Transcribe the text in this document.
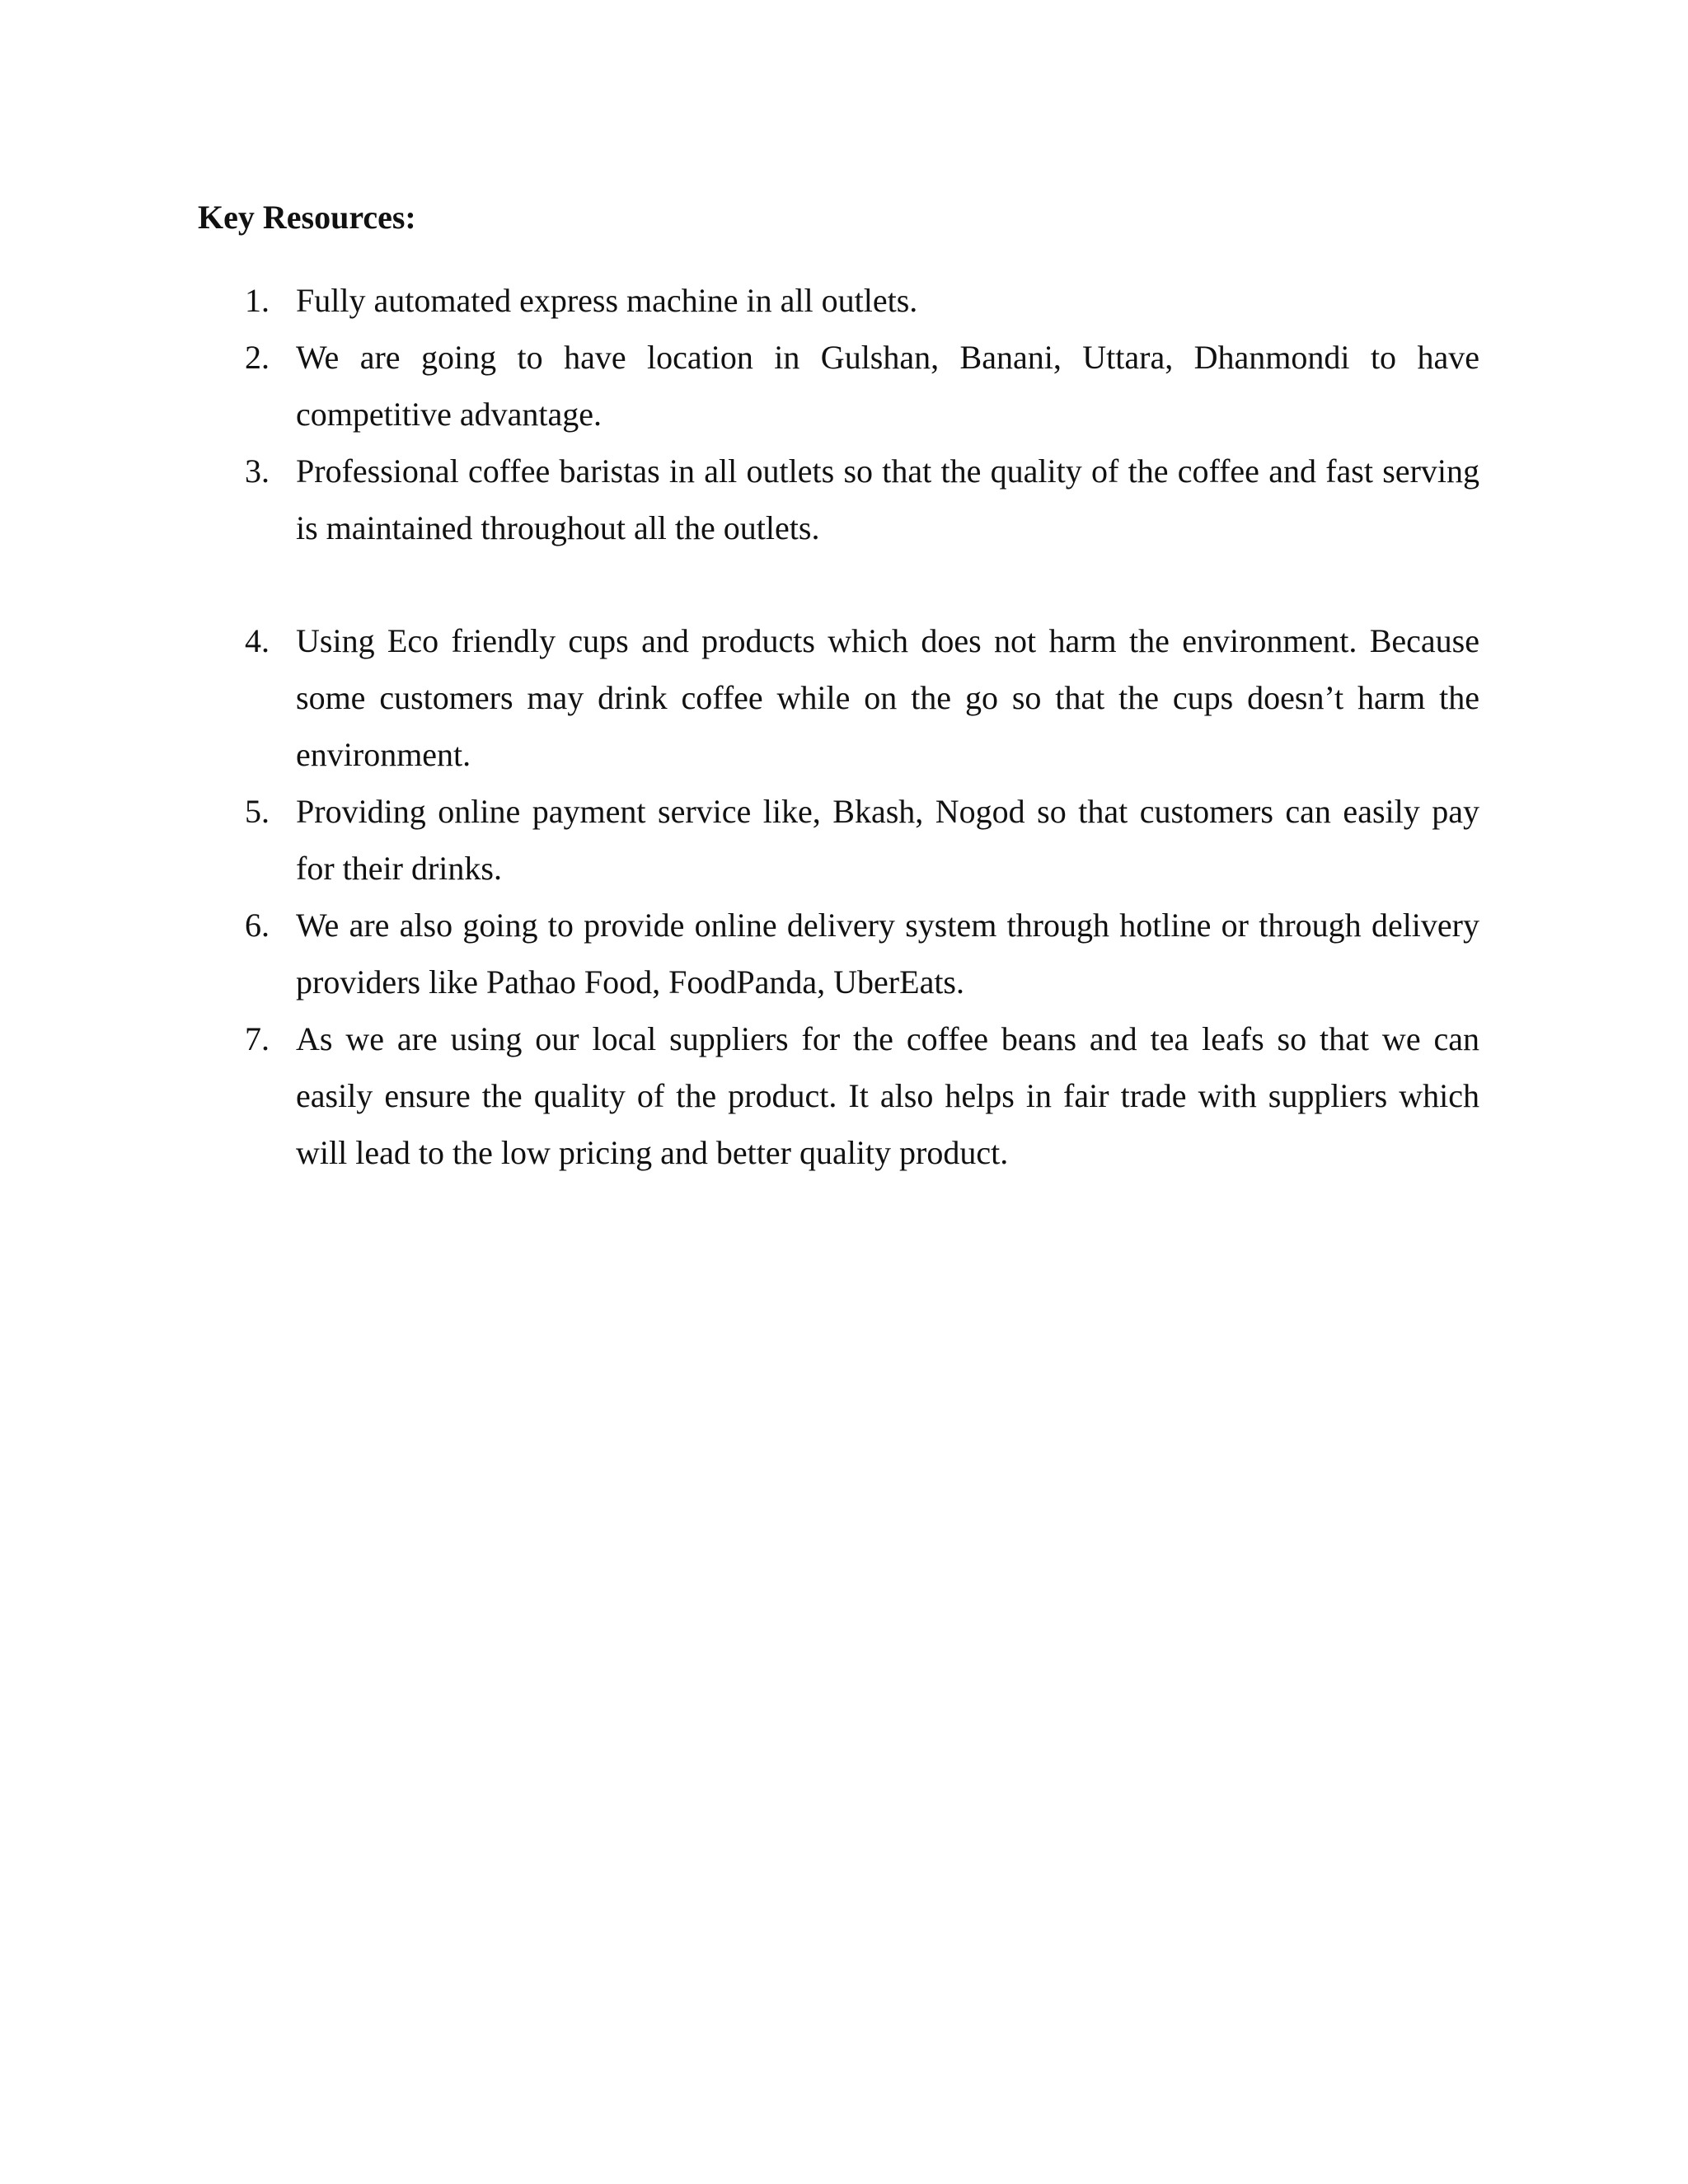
Key Resources:
1. Fully automated express machine in all outlets.
2. We are going to have location in Gulshan, Banani, Uttara, Dhanmondi to have competitive advantage.
3. Professional coffee baristas in all outlets so that the quality of the coffee and fast serving is maintained throughout all the outlets.
4. Using Eco friendly cups and products which does not harm the environment. Because some customers may drink coffee while on the go so that the cups doesn’t harm the environment.
5. Providing online payment service like, Bkash, Nogod so that customers can easily pay for their drinks.
6. We are also going to provide online delivery system through hotline or through delivery providers like Pathao Food, FoodPanda, UberEats.
7. As we are using our local suppliers for the coffee beans and tea leafs so that we can easily ensure the quality of the product. It also helps in fair trade with suppliers which will lead to the low pricing and better quality product.
